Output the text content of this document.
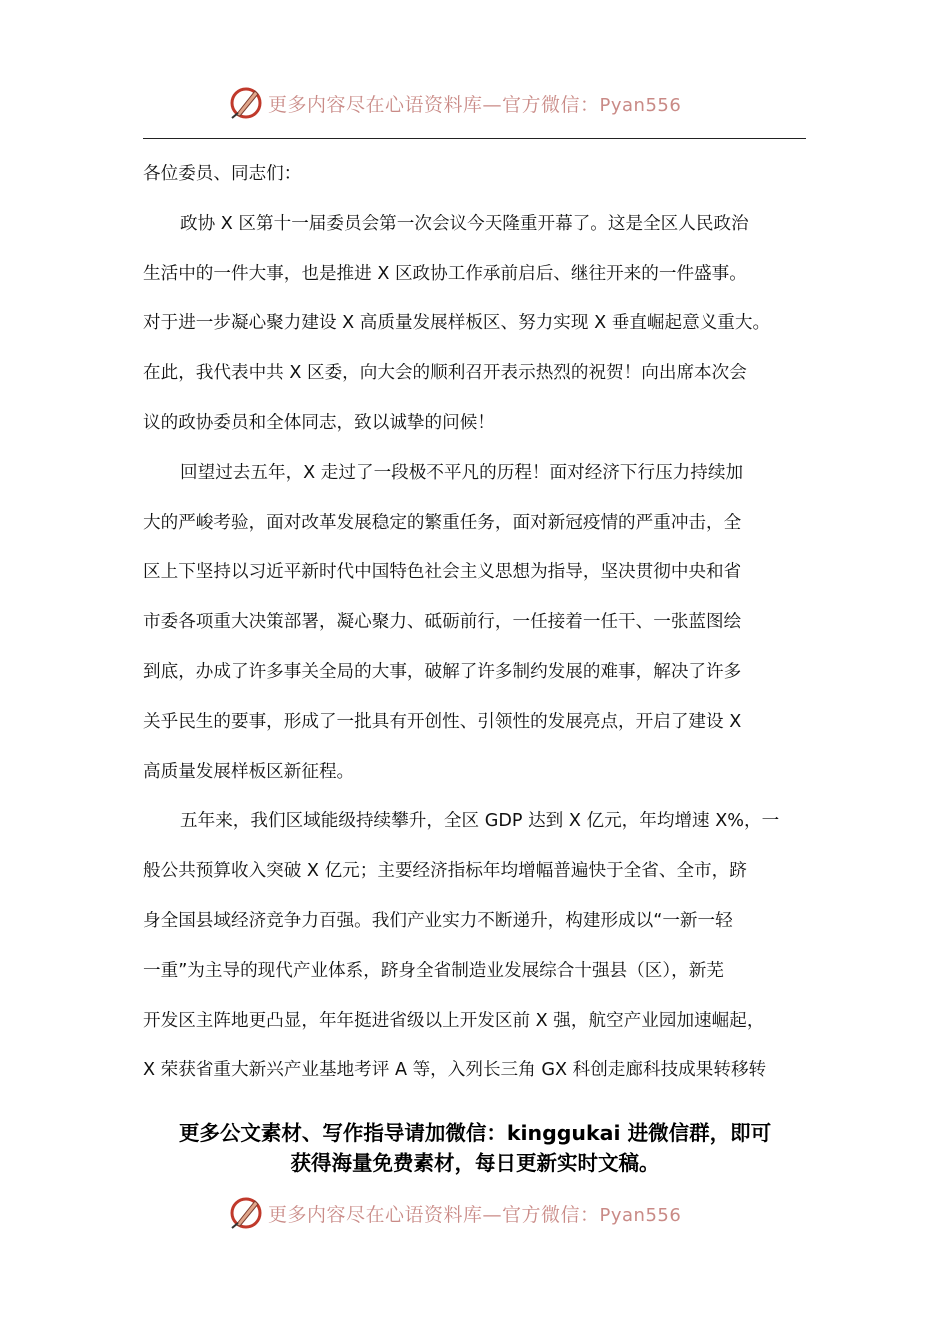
更多内容尽在心语资料库—官方微信：Pyan556

各位委员、同志们：

政协 X 区第十一届委员会第一次会议今天隆重开幕了。这是全区人民政治
生活中的一件大事，也是推进 X 区政协工作承前启后、继往开来的一件盛事。
对于进一步凝心聚力建设 X 高质量发展样板区、努力实现 X 垂直崛起意义重大。
在此，我代表中共 X 区委，向大会的顺利召开表示热烈的祝贺！向出席本次会
议的政协委员和全体同志，致以诚挚的问候！

回望过去五年，X 走过了一段极不平凡的历程！面对经济下行压力持续加
大的严峻考验，面对改革发展稳定的繁重任务，面对新冠疫情的严重冲击，全
区上下坚持以习近平新时代中国特色社会主义思想为指导，坚决贯彻中央和省
市委各项重大决策部署，凝心聚力、砥砺前行，一任接着一任干、一张蓝图绘
到底，办成了许多事关全局的大事，破解了许多制约发展的难事，解决了许多
关乎民生的要事，形成了一批具有开创性、引领性的发展亮点，开启了建设 X
高质量发展样板区新征程。

五年来，我们区域能级持续攀升，全区 GDP 达到 X 亿元，年均增速 X%，一
般公共预算收入突破 X 亿元；主要经济指标年均增幅普遍快于全省、全市，跻
身全国县域经济竞争力百强。我们产业实力不断递升，构建形成以“一新一轻
一重”为主导的现代产业体系，跻身全省制造业发展综合十强县（区），新芜
开发区主阵地更凸显，年年挺进省级以上开发区前 X 强，航空产业园加速崛起，
X 荣获省重大新兴产业基地考评 A 等，入列长三角 GX 科创走廊科技成果转移转

更多公文素材、写作指导请加微信：kinggukai 进微信群，即可
获得海量免费素材，每日更新实时文稿。
更多内容尽在心语资料库—官方微信：Pyan556
